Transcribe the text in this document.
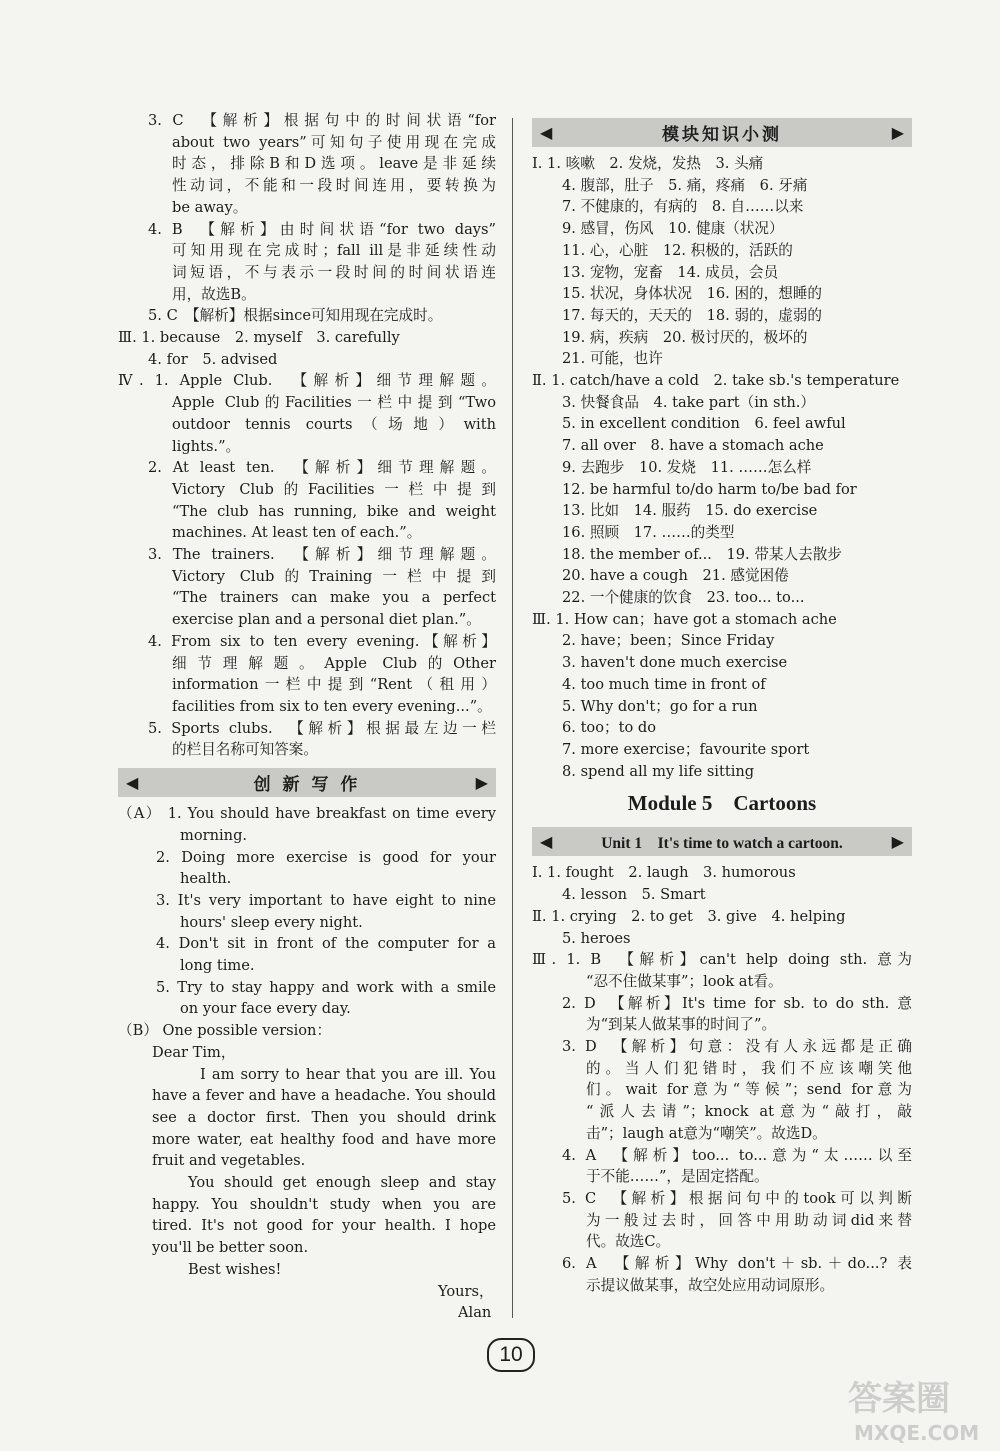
3. C　【解析】根据句中的时间状语“for
about two years”可知句子使用现在完成
时态，排除B和D选项。leave是非延续
性动词，不能和一段时间连用，要转换为
be away。
4. B　【解析】由时间状语“for two days”
可知用现在完成时；fall ill是非延续性动
词短语，不与表示一段时间的时间状语连
用，故选B。
5. C　【解析】根据since可知用现在完成时。
Ⅲ. 1. because　2. myself　3. carefully
4. for　5. advised
Ⅳ. 1. Apple Club.　【解析】细节理解题。
Apple Club的Facilities一栏中提到“Two
outdoor tennis courts（场地）with
lights.”。
2. At least ten.　【解析】细节理解题。
Victory Club的Facilities一栏中提到
“The club has running, bike and weight
machines. At least ten of each.”。
3. The trainers.　【解析】细节理解题。
Victory Club的Training一栏中提到
“The trainers can make you a perfect
exercise plan and a personal diet plan.”。
4. From six to ten every evening.【解析】
细节理解题。Apple Club的Other
information一栏中提到“Rent（租用）
facilities from six to ten every evening...”。
5. Sports clubs.　【解析】根据最左边一栏
的栏目名称可知答案。
◀	创 新 写 作	▶
（A） 1. You should have breakfast on time every
morning.
2. Doing more exercise is good for your
health.
3. It's very important to have eight to nine
hours' sleep every night.
4. Don't sit in front of the computer for a
long time.
5. Try to stay happy and work with a smile
on your face every day.
（B） One possible version：
Dear Tim，
I am sorry to hear that you are ill. You
have a fever and have a headache. You should
see a doctor first. Then you should drink
more water, eat healthy food and have more
fruit and vegetables.
You should get enough sleep and stay
happy. You shouldn't study when you are
tired. It's not good for your health. I hope
you'll be better soon.
Best wishes!
Yours，
Alan
◀	模块知识小测	▶
Ⅰ. 1. 咳嗽　2. 发烧，发热　3. 头痛
4. 腹部，肚子　5. 痛，疼痛　6. 牙痛
7. 不健康的，有病的　8. 自……以来
9. 感冒，伤风　10. 健康（状况）
11. 心，心脏　12. 积极的，活跃的
13. 宠物，宠畜　14. 成员，会员
15. 状况，身体状况　16. 困的，想睡的
17. 每天的，天天的　18. 弱的，虚弱的
19. 病，疾病　20. 极讨厌的，极坏的
21. 可能，也许
Ⅱ. 1. catch/have a cold　2. take sb.'s temperature
3. 快餐食品　4. take part（in sth.）
5. in excellent condition　6. feel awful
7. all over　8. have a stomach ache
9. 去跑步　10. 发烧　11. ……怎么样
12. be harmful to/do harm to/be bad for
13. 比如　14. 服药　15. do exercise
16. 照顾　17. ……的类型
18. the member of...　19. 带某人去散步
20. have a cough　21. 感觉困倦
22. 一个健康的饮食　23. too... to...
Ⅲ. 1. How can；have got a stomach ache
2. have；been；Since Friday
3. haven't done much exercise
4. too much time in front of
5. Why don't；go for a run
6. too；to do
7. more exercise；favourite sport
8. spend all my life sitting
Module 5　Cartoons
◀	Unit 1　It's time to watch a cartoon.	▶
Ⅰ. 1. fought　2. laugh　3. humorous
4. lesson　5. Smart
Ⅱ. 1. crying　2. to get　3. give　4. helping
5. heroes
Ⅲ. 1. B　【解析】can't help doing sth. 意为
“忍不住做某事”；look at看。
2. D　【解析】It's time for sb. to do sth. 意
为“到某人做某事的时间了”。
3. D　【解析】句意：没有人永远都是正确
的。当人们犯错时，我们不应该嘲笑他
们。wait for意为“等候”；send for意为
“派人去请”；knock at意为“敲打，敲
击”；laugh at意为“嘲笑”。故选D。
4. A　【解析】too... to...意为“太……以至
于不能……”，是固定搭配。
5. C　【解析】根据问句中的took可以判断
为一般过去时，回答中用助动词did来替
代。故选C。
6. A　【解析】Why don't＋sb.＋do...? 表
示提议做某事，故空处应用动词原形。
10
答案圈
MXQE.COM
